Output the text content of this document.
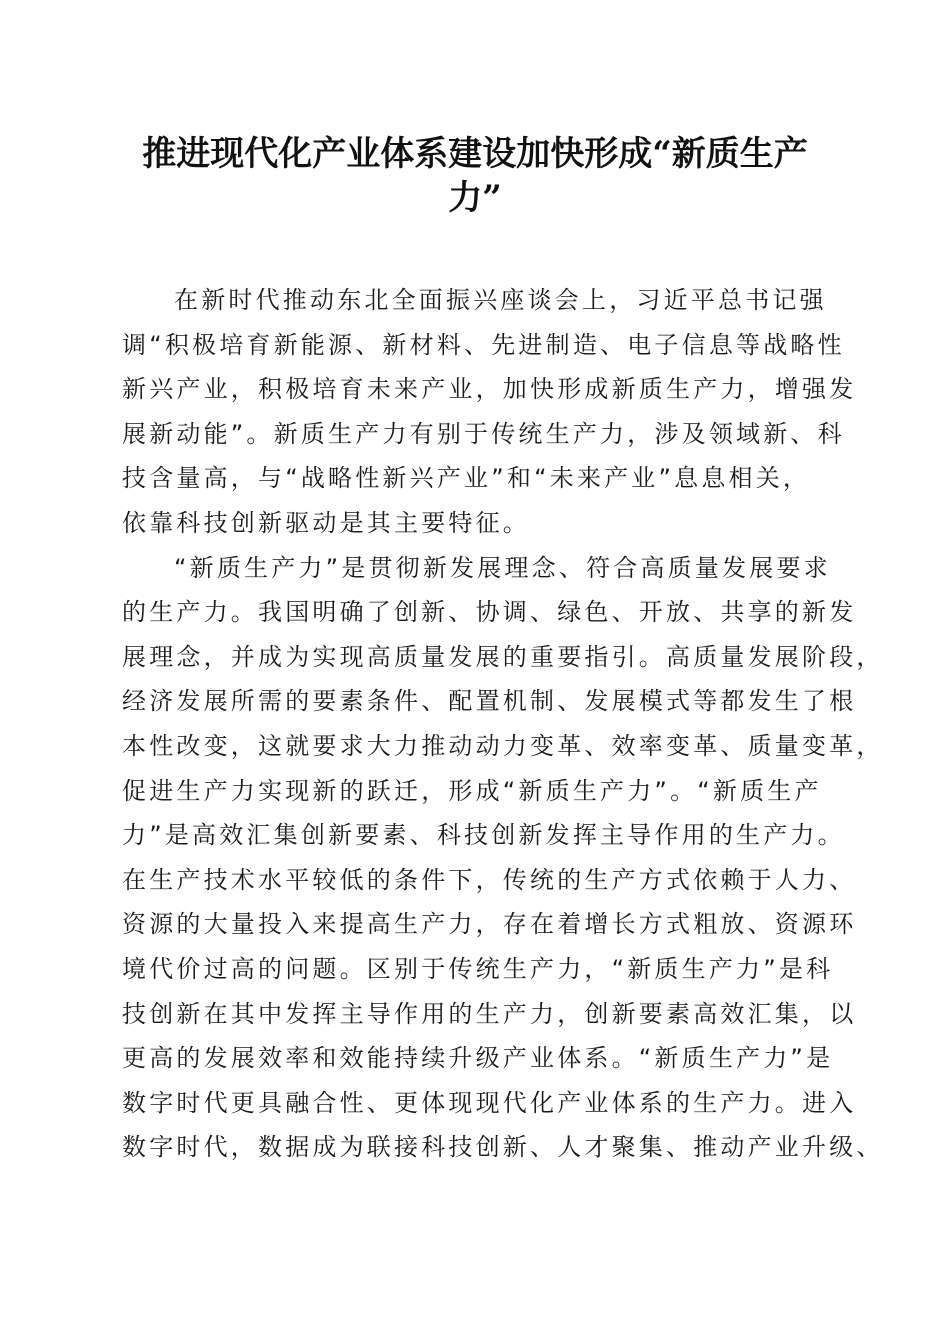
推进现代化产业体系建设加快形成“新质生产
力”

在新时代推动东北全面振兴座谈会上，习近平总书记强
调“积极培育新能源、新材料、先进制造、电子信息等战略性
新兴产业，积极培育未来产业，加快形成新质生产力，增强发
展新动能”。新质生产力有别于传统生产力，涉及领域新、科
技含量高，与“战略性新兴产业”和“未来产业”息息相关，
依靠科技创新驱动是其主要特征。

“新质生产力”是贯彻新发展理念、符合高质量发展要求
的生产力。我国明确了创新、协调、绿色、开放、共享的新发
展理念，并成为实现高质量发展的重要指引。高质量发展阶段，
经济发展所需的要素条件、配置机制、发展模式等都发生了根
本性改变，这就要求大力推动动力变革、效率变革、质量变革，
促进生产力实现新的跃迁，形成“新质生产力”。“新质生产
力”是高效汇集创新要素、科技创新发挥主导作用的生产力。
在生产技术水平较低的条件下，传统的生产方式依赖于人力、
资源的大量投入来提高生产力，存在着增长方式粗放、资源环
境代价过高的问题。区别于传统生产力，“新质生产力”是科
技创新在其中发挥主导作用的生产力，创新要素高效汇集，以
更高的发展效率和效能持续升级产业体系。“新质生产力”是
数字时代更具融合性、更体现现代化产业体系的生产力。进入
数字时代，数据成为联接科技创新、人才聚集、推动产业升级、
